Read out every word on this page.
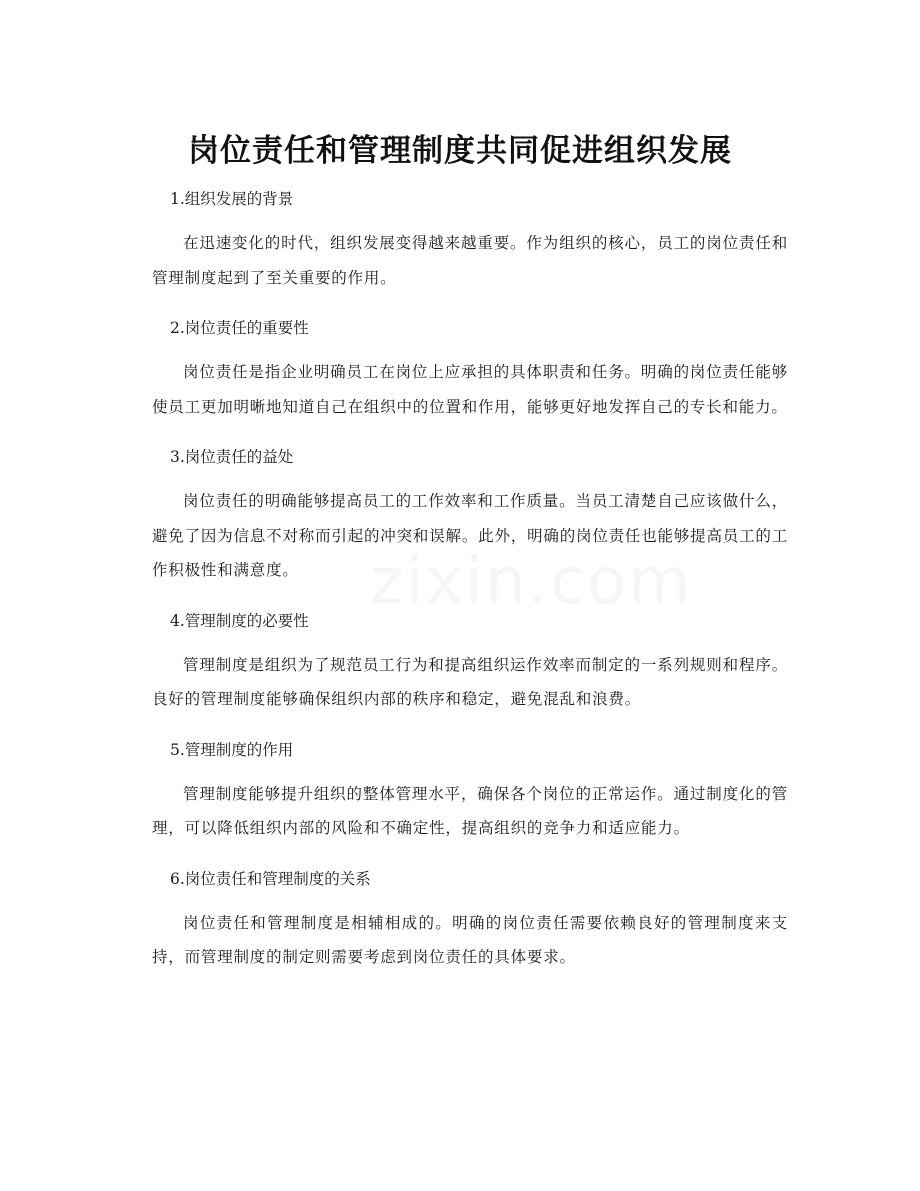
岗位责任和管理制度共同促进组织发展
1.组织发展的背景

在迅速变化的时代，组织发展变得越来越重要。作为组织的核心，员工的岗位责任和管理制度起到了至关重要的作用。

2.岗位责任的重要性

岗位责任是指企业明确员工在岗位上应承担的具体职责和任务。明确的岗位责任能够使员工更加明晰地知道自己在组织中的位置和作用，能够更好地发挥自己的专长和能力。

3.岗位责任的益处

岗位责任的明确能够提高员工的工作效率和工作质量。当员工清楚自己应该做什么，避免了因为信息不对称而引起的冲突和误解。此外，明确的岗位责任也能够提高员工的工作积极性和满意度。

4.管理制度的必要性

管理制度是组织为了规范员工行为和提高组织运作效率而制定的一系列规则和程序。良好的管理制度能够确保组织内部的秩序和稳定，避免混乱和浪费。

5.管理制度的作用

管理制度能够提升组织的整体管理水平，确保各个岗位的正常运作。通过制度化的管理，可以降低组织内部的风险和不确定性，提高组织的竞争力和适应能力。

6.岗位责任和管理制度的关系

岗位责任和管理制度是相辅相成的。明确的岗位责任需要依赖良好的管理制度来支持，而管理制度的制定则需要考虑到岗位责任的具体要求。
